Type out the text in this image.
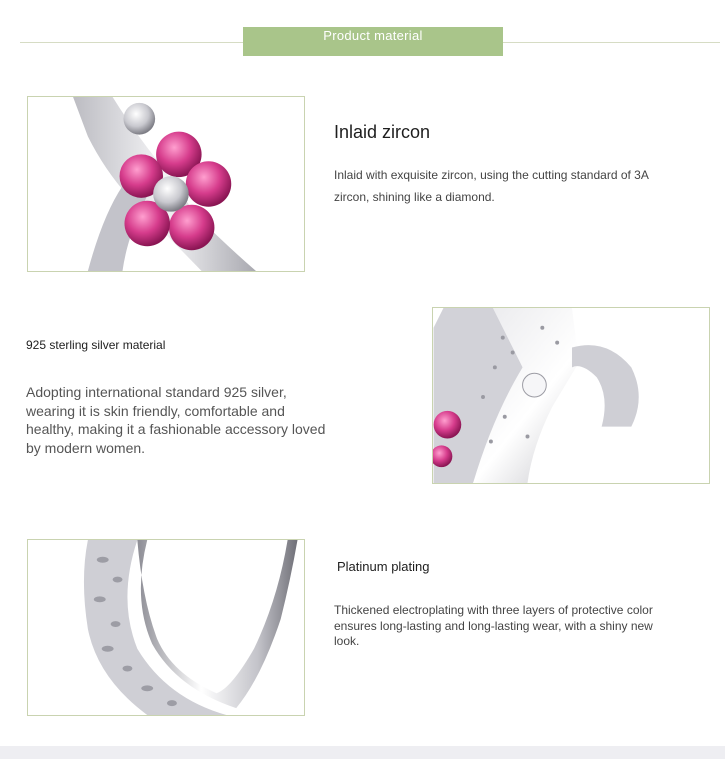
Product material
Inlaid zircon
Inlaid with exquisite zircon, using the cutting standard of 3A zircon, shining like a diamond.
925 sterling silver material
Adopting international standard 925 silver, wearing it is skin friendly, comfortable and healthy, making it a fashionable accessory loved by modern women.
Platinum plating
Thickened electroplating with three layers of protective color ensures long-lasting and long-lasting wear, with a shiny new look.
